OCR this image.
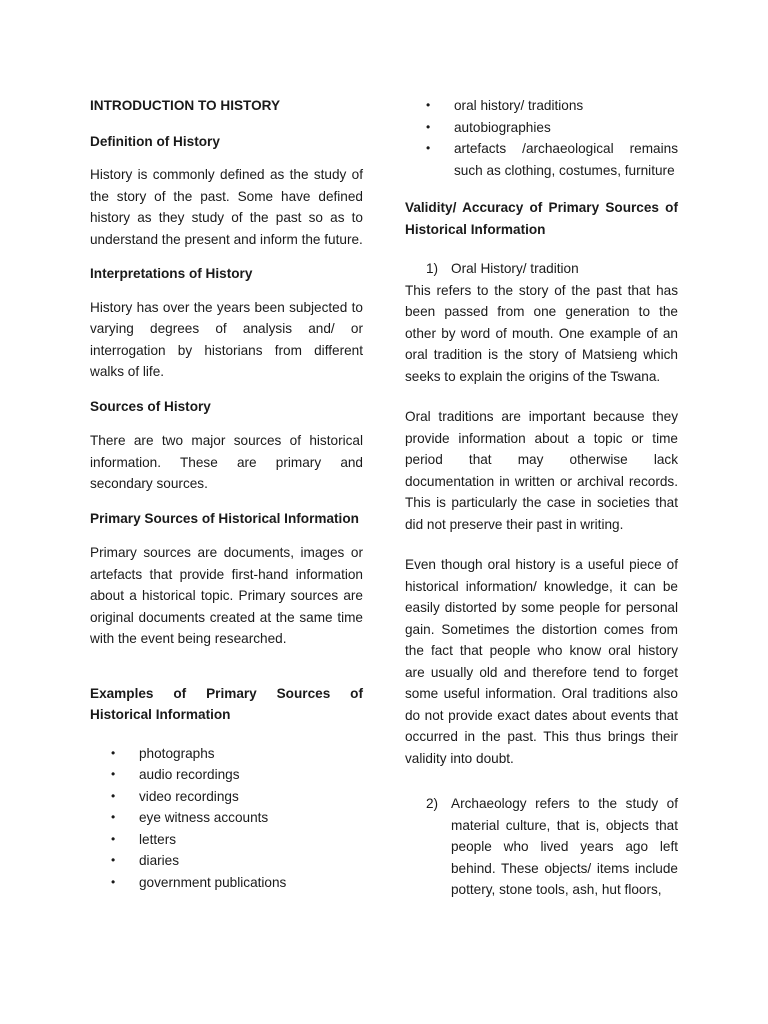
INTRODUCTION TO HISTORY

Definition of History

History is commonly defined as the study of the story of the past. Some have defined history as they study of the past so as to understand the present and inform the future.

Interpretations of History

History has over the years been subjected to varying degrees of analysis and/ or interrogation by historians from different walks of life.

Sources of History

There are two major sources of historical information. These are primary and secondary sources.

Primary Sources of Historical Information

Primary sources are documents, images or artefacts that provide first-hand information about a historical topic. Primary sources are original documents created at the same time with the event being researched.

Examples of Primary Sources of Historical Information

• photographs
• audio recordings
• video recordings
• eye witness accounts
• letters
• diaries
• government publications
• oral history/ traditions
• autobiographies
• artefacts /archaeological remains such as clothing, costumes, furniture

Validity/ Accuracy of Primary Sources of Historical Information

1) Oral History/ tradition

This refers to the story of the past that has been passed from one generation to the other by word of mouth. One example of an oral tradition is the story of Matsieng which seeks to explain the origins of the Tswana.

Oral traditions are important because they provide information about a topic or time period that may otherwise lack documentation in written or archival records. This is particularly the case in societies that did not preserve their past in writing.

Even though oral history is a useful piece of historical information/ knowledge, it can be easily distorted by some people for personal gain. Sometimes the distortion comes from the fact that people who know oral history are usually old and therefore tend to forget some useful information. Oral traditions also do not provide exact dates about events that occurred in the past. This thus brings their validity into doubt.

2) Archaeology refers to the study of material culture, that is, objects that people who lived years ago left behind. These objects/ items include pottery, stone tools, ash, hut floors,
